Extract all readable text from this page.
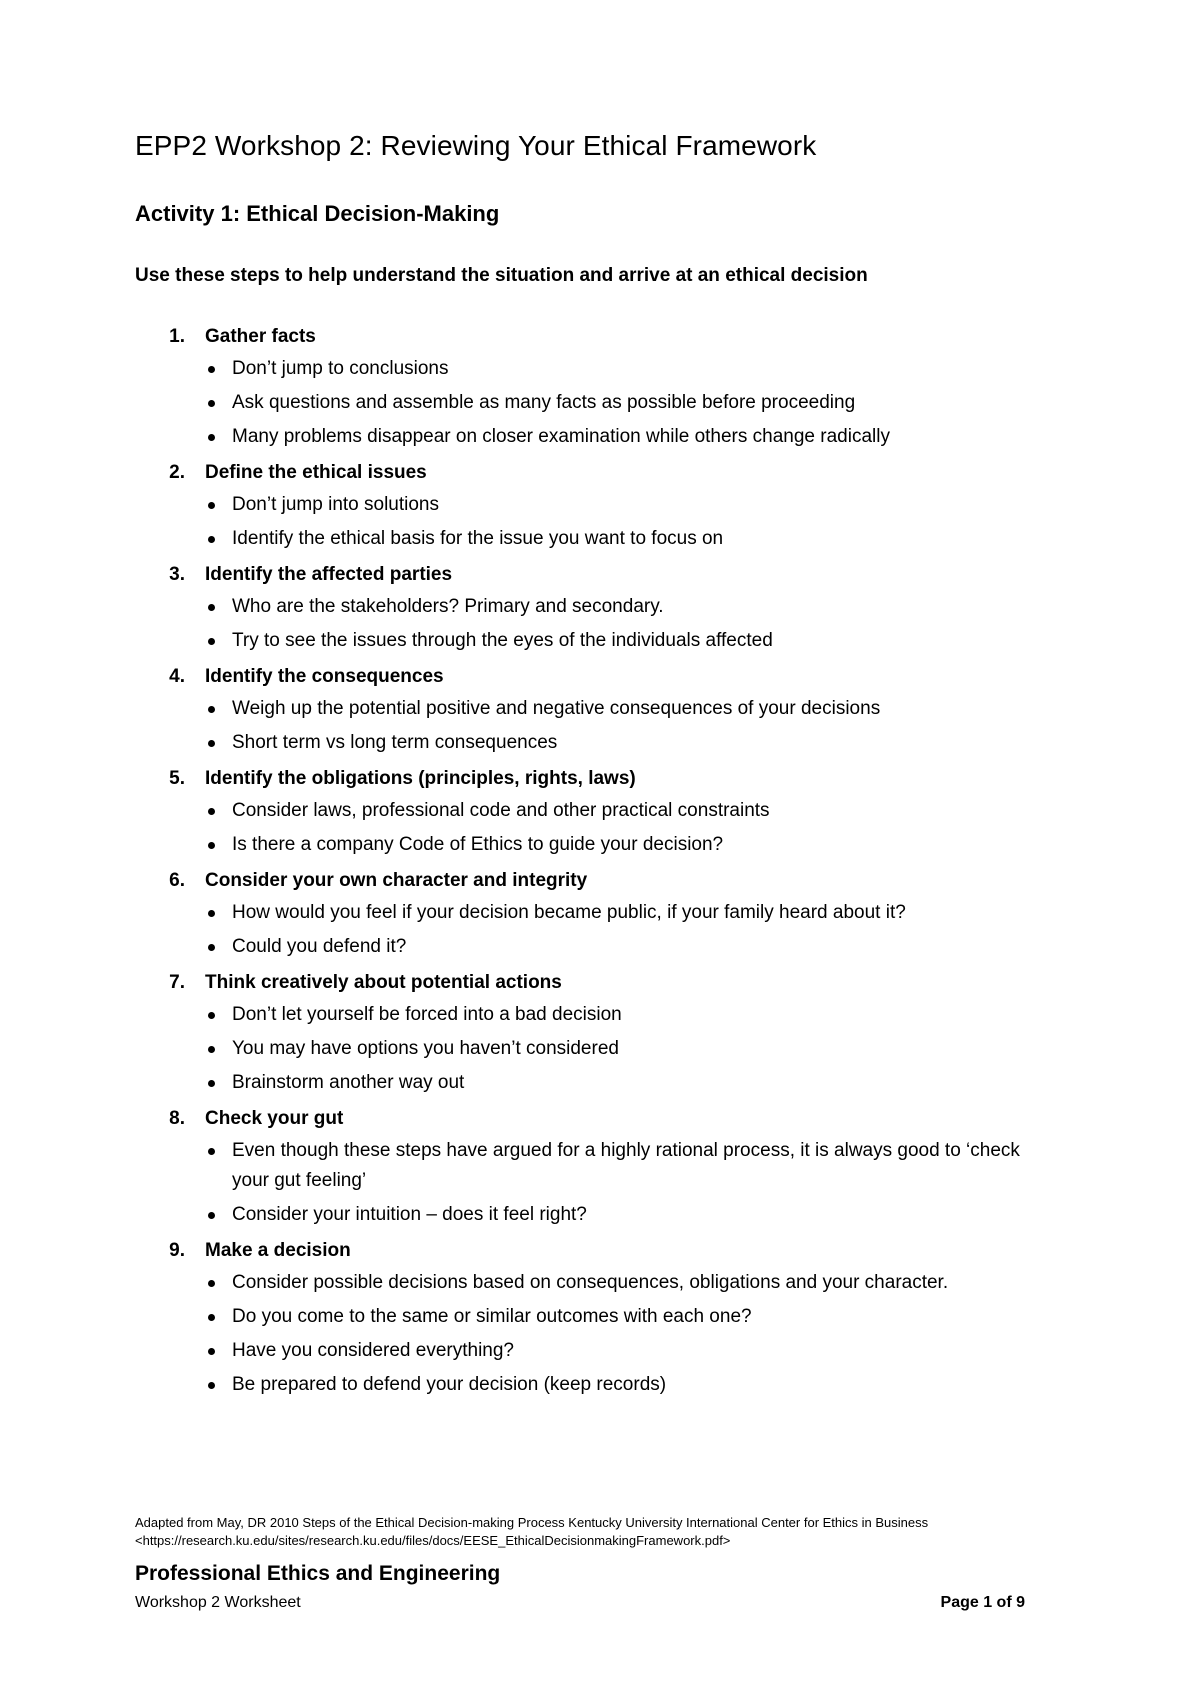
EPP2 Workshop 2: Reviewing Your Ethical Framework
Activity 1: Ethical Decision-Making

Use these steps to help understand the situation and arrive at an ethical decision

1.	Gather facts
Don’t jump to conclusions
Ask questions and assemble as many facts as possible before proceeding
Many problems disappear on closer examination while others change radically
2.	Define the ethical issues
Don’t jump into solutions
Identify the ethical basis for the issue you want to focus on
3.	Identify the affected parties
Who are the stakeholders? Primary and secondary.
Try to see the issues through the eyes of the individuals affected
4.	Identify the consequences
Weigh up the potential positive and negative consequences of your decisions
Short term vs long term consequences
5.	Identify the obligations (principles, rights, laws)
Consider laws, professional code and other practical constraints
Is there a company Code of Ethics to guide your decision?
6.	Consider your own character and integrity
How would you feel if your decision became public, if your family heard about it?
Could you defend it?
7.	Think creatively about potential actions
Don’t let yourself be forced into a bad decision
You may have options you haven’t considered
Brainstorm another way out
8.	Check your gut
Even though these steps have argued for a highly rational process, it is always good to ‘check your gut feeling’
Consider your intuition – does it feel right?
9.	Make a decision
Consider possible decisions based on consequences, obligations and your character.
Do you come to the same or similar outcomes with each one?
Have you considered everything?
Be prepared to defend your decision (keep records)
Adapted from May, DR 2010 Steps of the Ethical Decision-making Process Kentucky University International Center for Ethics in Business
<https://research.ku.edu/sites/research.ku.edu/files/docs/EESE_EthicalDecisionmakingFramework.pdf>
Professional Ethics and Engineering
Workshop 2 Worksheet	Page 1 of 9
